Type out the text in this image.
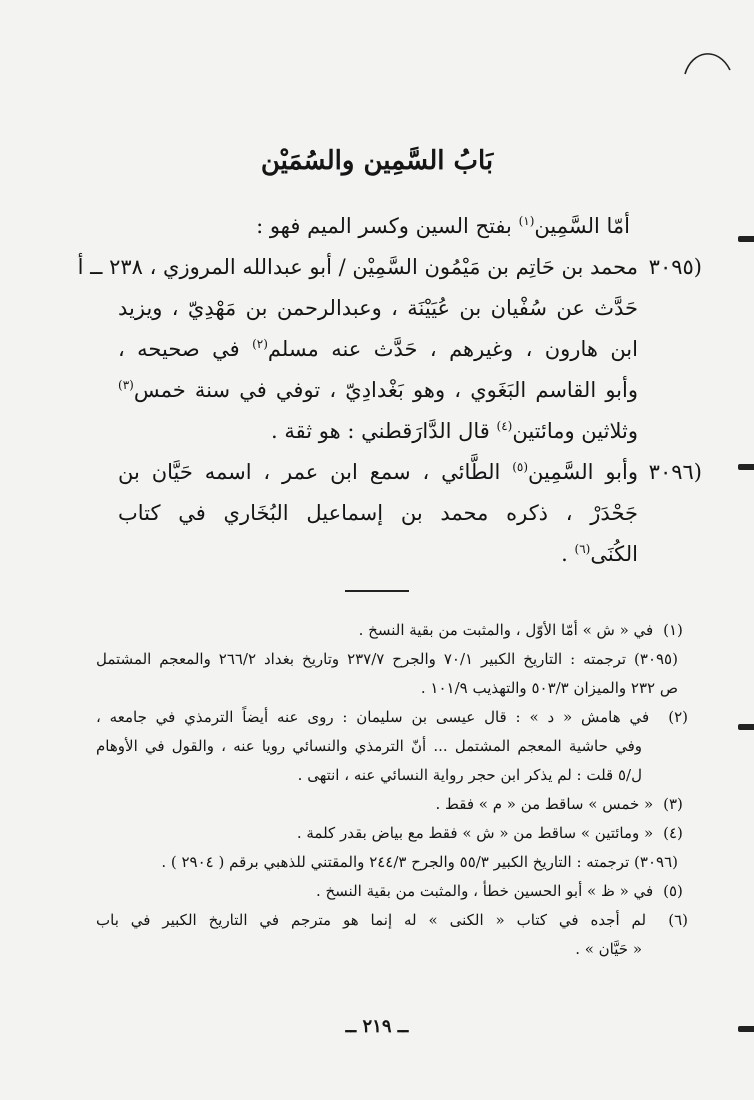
بَابُ السَّمِين والسُمَيْن
أمّا السَّمِين$^{(١)}$ بفتح السين وكسر الميم فهو :
محمد بن حَاتِم بن مَيْمُون السَّمِيْن / أبو عبدالله المروزي ، ٢٣٨ ــ أ
حَدَّث عن سُفْيان بن عُيَيْنَة ، وعبدالرحمن بن مَهْدِيّ ، ويزيد
ابن هارون ، وغيرهم ، حَدَّث عنه مسلم$^{(٢)}$ في صحيحه ،
وأبو القاسم البَغَوي ، وهو بَغْدادِيّ ، توفي في سنة خمس$^{(٣)}$
وثلاثين ومائتين$^{(٤)}$ قال الدَّارَقطني : هو ثقة .
وأبو السَّمِين$^{(٥)}$ الطَّائي ، سمع ابن عمر ، اسمه حَيَّان بن
جَحْدَرْ ، ذكره محمد بن إسماعيل البُخَاري في كتاب
الكُنَى$^{(٦)}$ .
(٣٠٩٥
(٣٠٩٦
(١) في « ش » أمّا الأوّل ، والمثبت من بقية النسخ .
(٣٠٩٥) ترجمته : التاريخ الكبير ٧٠/١ والجرح ٢٣٧/٧ وتاريخ بغداد ٢٦٦/٢ والمعجم المشتمل
ص ٢٣٢ والميزان ٥٠٣/٣ والتهذيب ١٠١/٩ .
(٢) في هامش « د » : قال عيسى بن سليمان : روى عنه أيضاً الترمذي في جامعه ،
وفي حاشية المعجم المشتمل ... أنّ الترمذي والنسائي رويا عنه ، والقول في الأوهام
ل/٥ قلت : لم يذكر ابن حجر رواية النسائي عنه ، انتهى .
(٣) « خمس » ساقط من « م » فقط .
(٤) « ومائتين » ساقط من « ش » فقط مع بياض بقدر كلمة .
(٣٠٩٦) ترجمته : التاريخ الكبير ٥٥/٣ والجرح ٢٤٤/٣ والمقتني للذهبي برقم ( ٢٩٠٤ ) .
(٥) في « ظ » أبو الحسين خطأ ، والمثبت من بقية النسخ .
(٦) لم أجده في كتاب « الكنى » له إنما هو مترجم في التاريخ الكبير في باب
« حَيَّان » .
ــ ٢١٩ ــ
